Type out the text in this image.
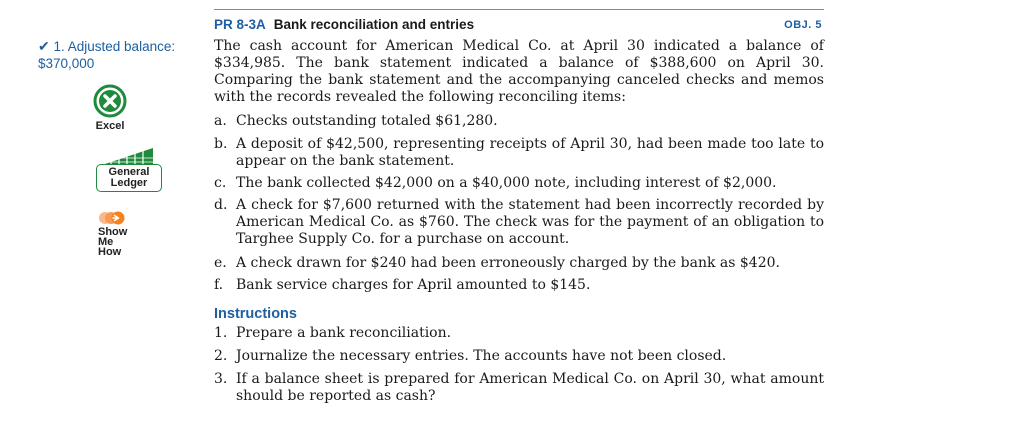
✔ 1. Adjusted balance:
$370,000
Excel
General
Ledger
Show
Me
How
PR 8-3A Bank reconciliation and entries	OBJ. 5
The cash account for American Medical Co. at April 30 indicated a balance of $334,985. The bank statement indicated a balance of $388,600 on April 30. Comparing the bank statement and the accompanying canceled checks and memos with the records revealed the following reconciling items:
a. Checks outstanding totaled $61,280.
b. A deposit of $42,500, representing receipts of April 30, had been made too late to appear on the bank statement.
c. The bank collected $42,000 on a $40,000 note, including interest of $2,000.
d. A check for $7,600 returned with the statement had been incorrectly recorded by American Medical Co. as $760. The check was for the payment of an obligation to Targhee Supply Co. for a purchase on account.
e. A check drawn for $240 had been erroneously charged by the bank as $420.
f. Bank service charges for April amounted to $145.
Instructions
1. Prepare a bank reconciliation.
2. Journalize the necessary entries. The accounts have not been closed.
3. If a balance sheet is prepared for American Medical Co. on April 30, what amount should be reported as cash?
